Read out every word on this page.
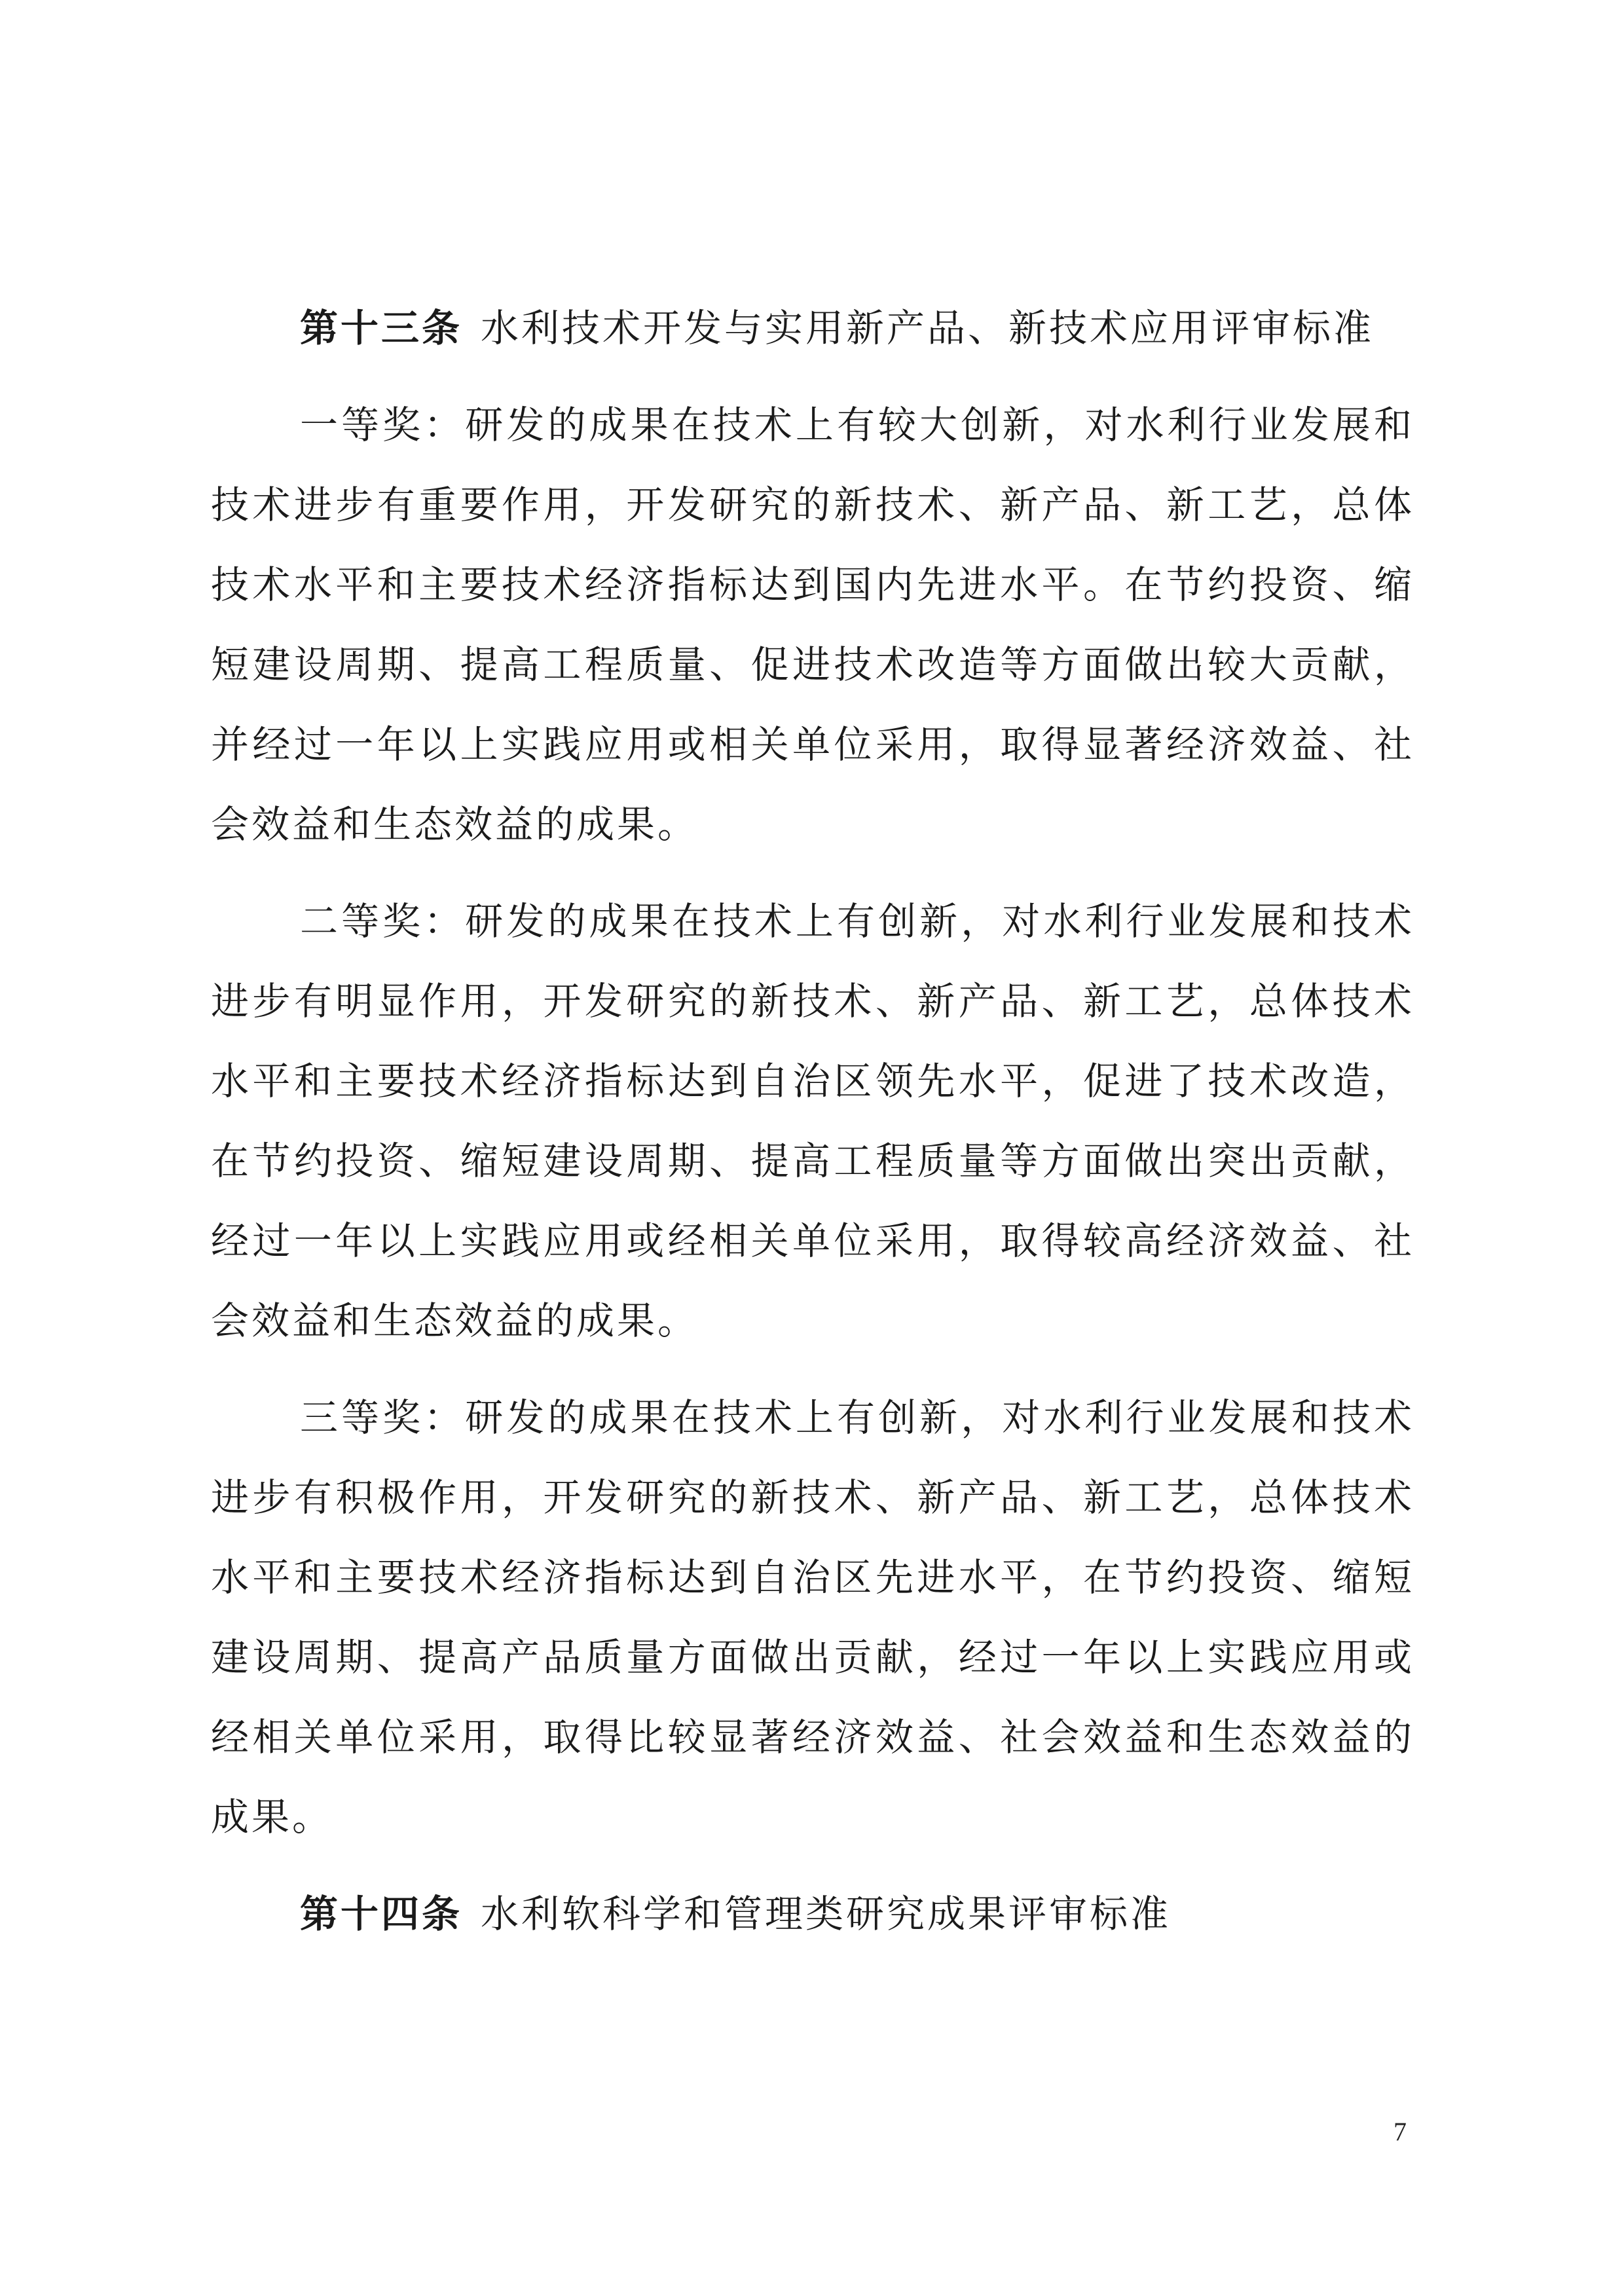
第十三条 水利技术开发与实用新产品、新技术应用评审标准

一等奖：研发的成果在技术上有较大创新，对水利行业发展和技术进步有重要作用，开发研究的新技术、新产品、新工艺，总体技术水平和主要技术经济指标达到国内先进水平。在节约投资、缩短建设周期、提高工程质量、促进技术改造等方面做出较大贡献，并经过一年以上实践应用或相关单位采用，取得显著经济效益、社会效益和生态效益的成果。

二等奖：研发的成果在技术上有创新，对水利行业发展和技术进步有明显作用，开发研究的新技术、新产品、新工艺，总体技术水平和主要技术经济指标达到自治区领先水平，促进了技术改造，在节约投资、缩短建设周期、提高工程质量等方面做出突出贡献，经过一年以上实践应用或经相关单位采用，取得较高经济效益、社会效益和生态效益的成果。

三等奖：研发的成果在技术上有创新，对水利行业发展和技术进步有积极作用，开发研究的新技术、新产品、新工艺，总体技术水平和主要技术经济指标达到自治区先进水平，在节约投资、缩短建设周期、提高产品质量方面做出贡献，经过一年以上实践应用或经相关单位采用，取得比较显著经济效益、社会效益和生态效益的成果。

第十四条 水利软科学和管理类研究成果评审标准

7
